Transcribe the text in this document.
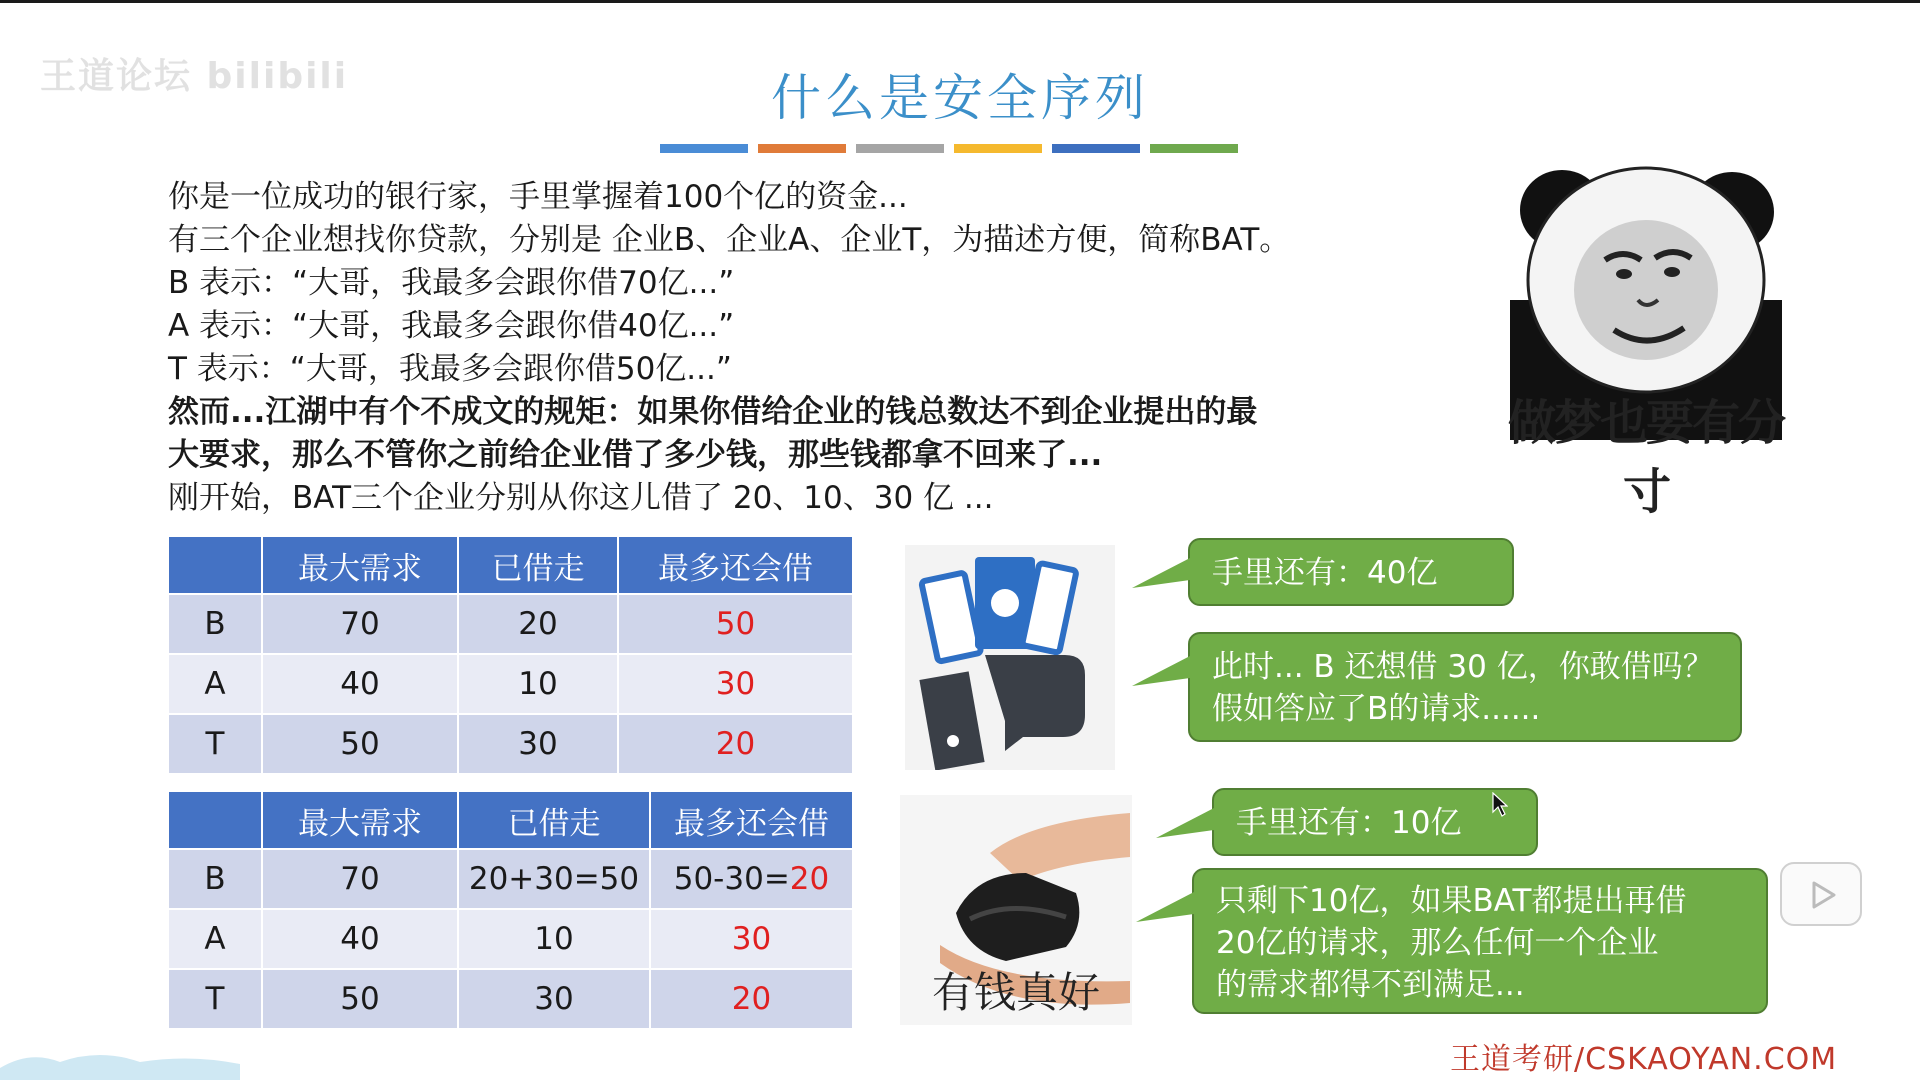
王道论坛 bilibili	什么是安全序列
你是一位成功的银行家，手里掌握着100个亿的资金...
有三个企业想找你贷款，分别是 企业B、企业A、企业T，为描述方便，简称BAT。
B 表示：“大哥，我最多会跟你借70亿...”
A 表示：“大哥，我最多会跟你借40亿...”
T 表示：“大哥，我最多会跟你借50亿...”
然而...江湖中有个不成文的规矩：如果你借给企业的钱总数达不到企业提出的最
大要求，那么不管你之前给企业借了多少钱，那些钱都拿不回来了...
刚开始，BAT三个企业分别从你这儿借了 20、10、30 亿 ...
做梦也要有分寸
	最大需求	已借走	最多还会借
B	70	20	50
A	40	10	30
T	50	30	20
	最大需求	已借走	最多还会借
B	70	20+30=50	50-30=20
A	40	10	30
T	50	30	20	有钱真好
手里还有：40亿
此时... B 还想借 30 亿，你敢借吗？
假如答应了B的请求......
手里还有：10亿
只剩下10亿，如果BAT都提出再借
20亿的请求，那么任何一个企业
的需求都得不到满足...
王道考研/CSKAOYAN.COM
